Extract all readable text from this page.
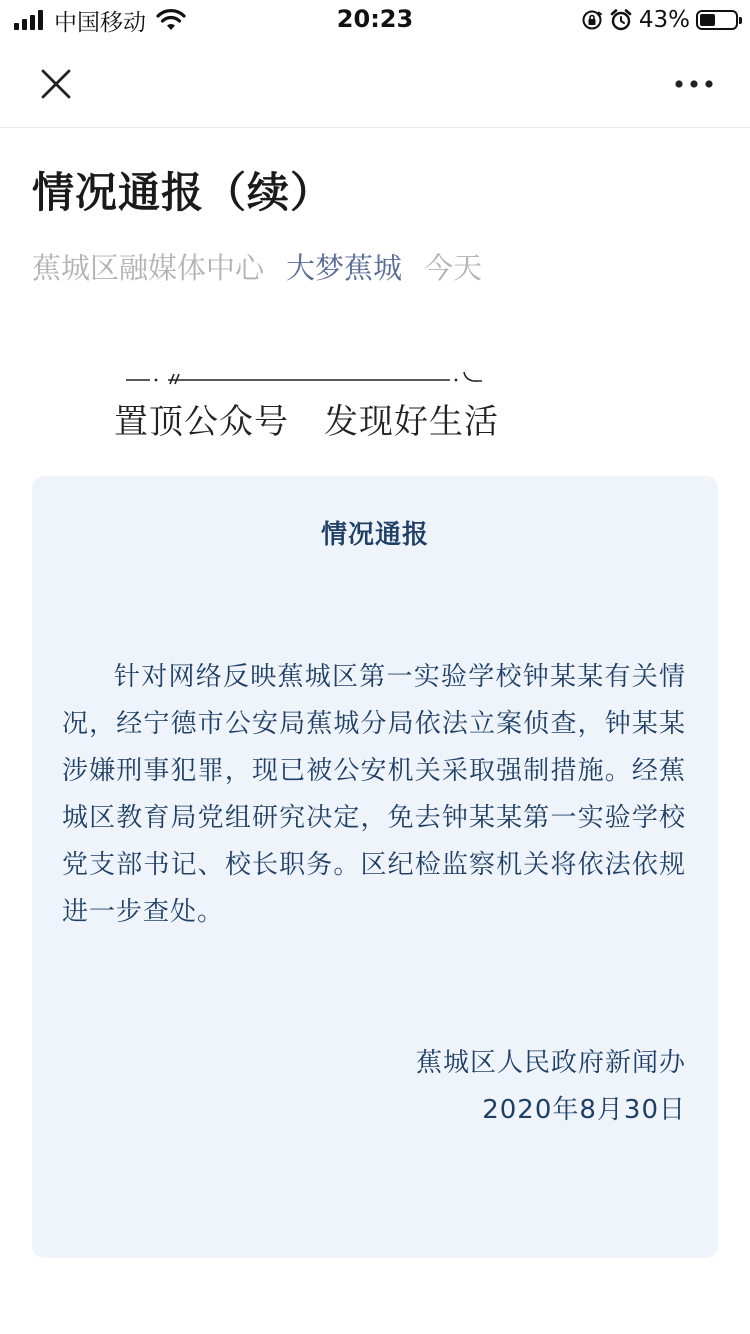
中国移动	20:23	43%
情况通报（续）
蕉城区融媒体中心 大梦蕉城 今天
置顶公众号　发现好生活
情况通报
针对网络反映蕉城区第一实验学校钟某某有关情况，经宁德市公安局蕉城分局依法立案侦查，钟某某涉嫌刑事犯罪，现已被公安机关采取强制措施。经蕉城区教育局党组研究决定，免去钟某某第一实验学校党支部书记、校长职务。区纪检监察机关将依法依规进一步查处。
蕉城区人民政府新闻办
2020年8月30日
